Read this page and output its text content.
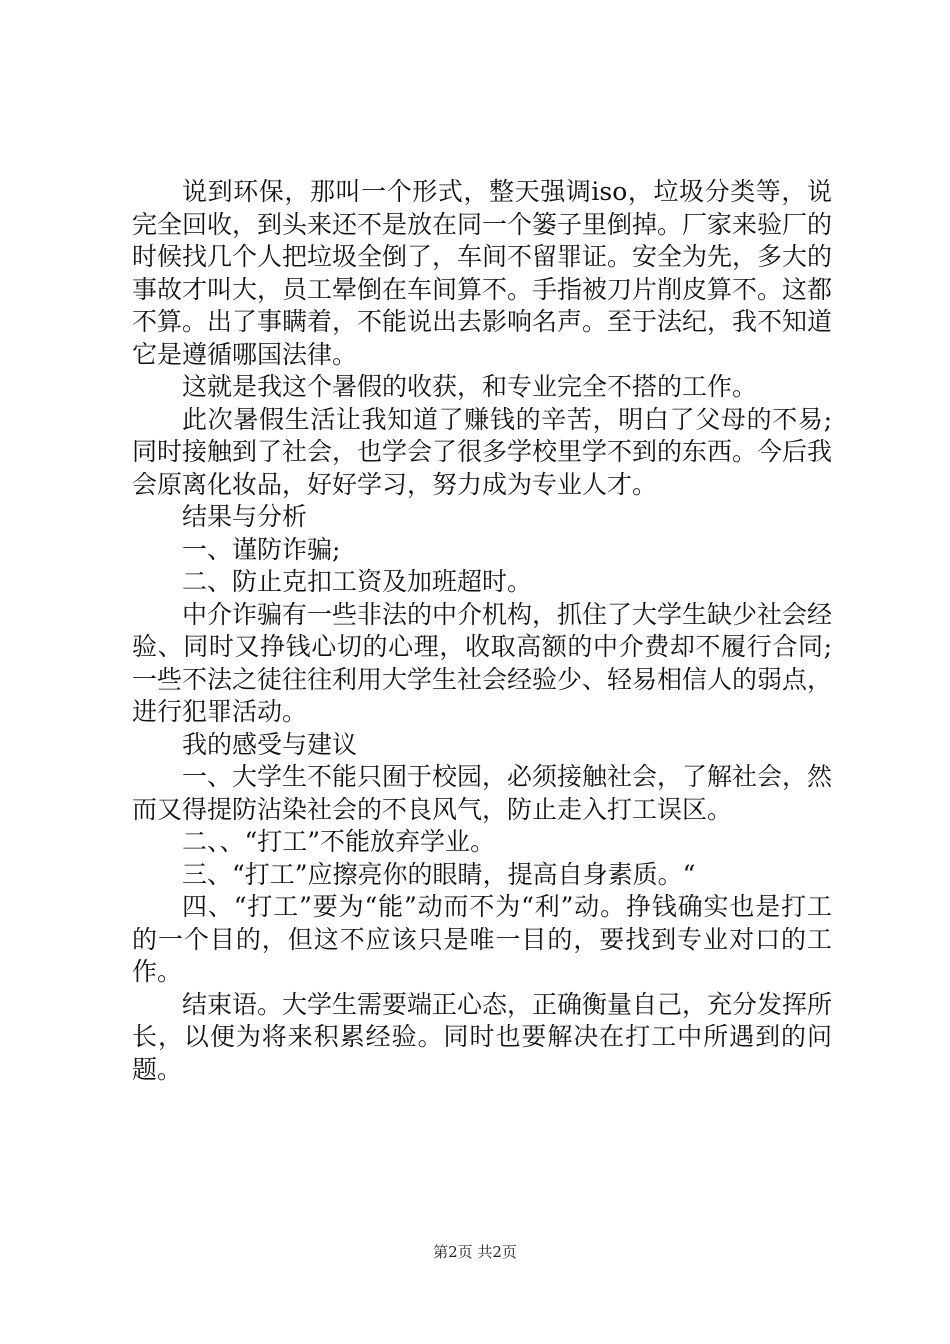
说到环保，那叫一个形式，整天强调iso，垃圾分类等，说完全回收，到头来还不是放在同一个篓子里倒掉。厂家来验厂的时候找几个人把垃圾全倒了，车间不留罪证。安全为先，多大的事故才叫大，员工晕倒在车间算不。手指被刀片削皮算不。这都不算。出了事瞒着，不能说出去影响名声。至于法纪，我不知道它是遵循哪国法律。

这就是我这个暑假的收获，和专业完全不搭的工作。

此次暑假生活让我知道了赚钱的辛苦，明白了父母的不易;同时接触到了社会，也学会了很多学校里学不到的东西。今后我会原离化妆品，好好学习，努力成为专业人才。

结果与分析

一、谨防诈骗;

二、防止克扣工资及加班超时。

中介诈骗有一些非法的中介机构，抓住了大学生缺少社会经验、同时又挣钱心切的心理，收取高额的中介费却不履行合同;一些不法之徒往往利用大学生社会经验少、轻易相信人的弱点，进行犯罪活动。

我的感受与建议

一、大学生不能只囿于校园，必须接触社会，了解社会，然而又得提防沾染社会的不良风气，防止走入打工误区。

二、、“打工”不能放弃学业。

三、“打工”应擦亮你的眼睛，提高自身素质。“

四、“打工”要为“能”动而不为“利”动。挣钱确实也是打工的一个目的，但这不应该只是唯一目的，要找到专业对口的工作。

结束语。大学生需要端正心态，正确衡量自己，充分发挥所长，以便为将来积累经验。同时也要解决在打工中所遇到的问题。

第2页 共2页
